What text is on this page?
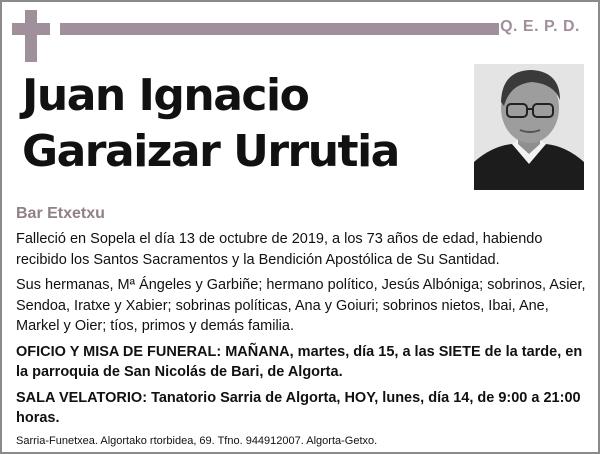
Q. E. P. D.
Juan Ignacio
Garaizar Urrutia
Bar Etxetxu

Falleció en Sopela el día 13 de octubre de 2019, a los 73 años de edad, habiendo recibido los Santos Sacramentos y la Bendición Apostólica de Su Santidad.

Sus hermanas, Mª Ángeles y Garbiñe; hermano político, Jesús Albóniga; sobrinos, Asier, Sendoa, Iratxe y Xabier; sobrinas políticas, Ana y Goiuri; sobrinos nietos, Ibai, Ane, Markel y Oier; tíos, primos y demás familia.

OFICIO Y MISA DE FUNERAL: MAÑANA, martes, día 15, a las SIETE de la tarde, en la parroquia de San Nicolás de Bari, de Algorta.

SALA VELATORIO: Tanatorio Sarria de Algorta, HOY, lunes, día 14, de 9:00 a 21:00 horas.

Sarria-Funetxea. Algortako rtorbidea, 69. Tfno. 944912007. Algorta-Getxo.
